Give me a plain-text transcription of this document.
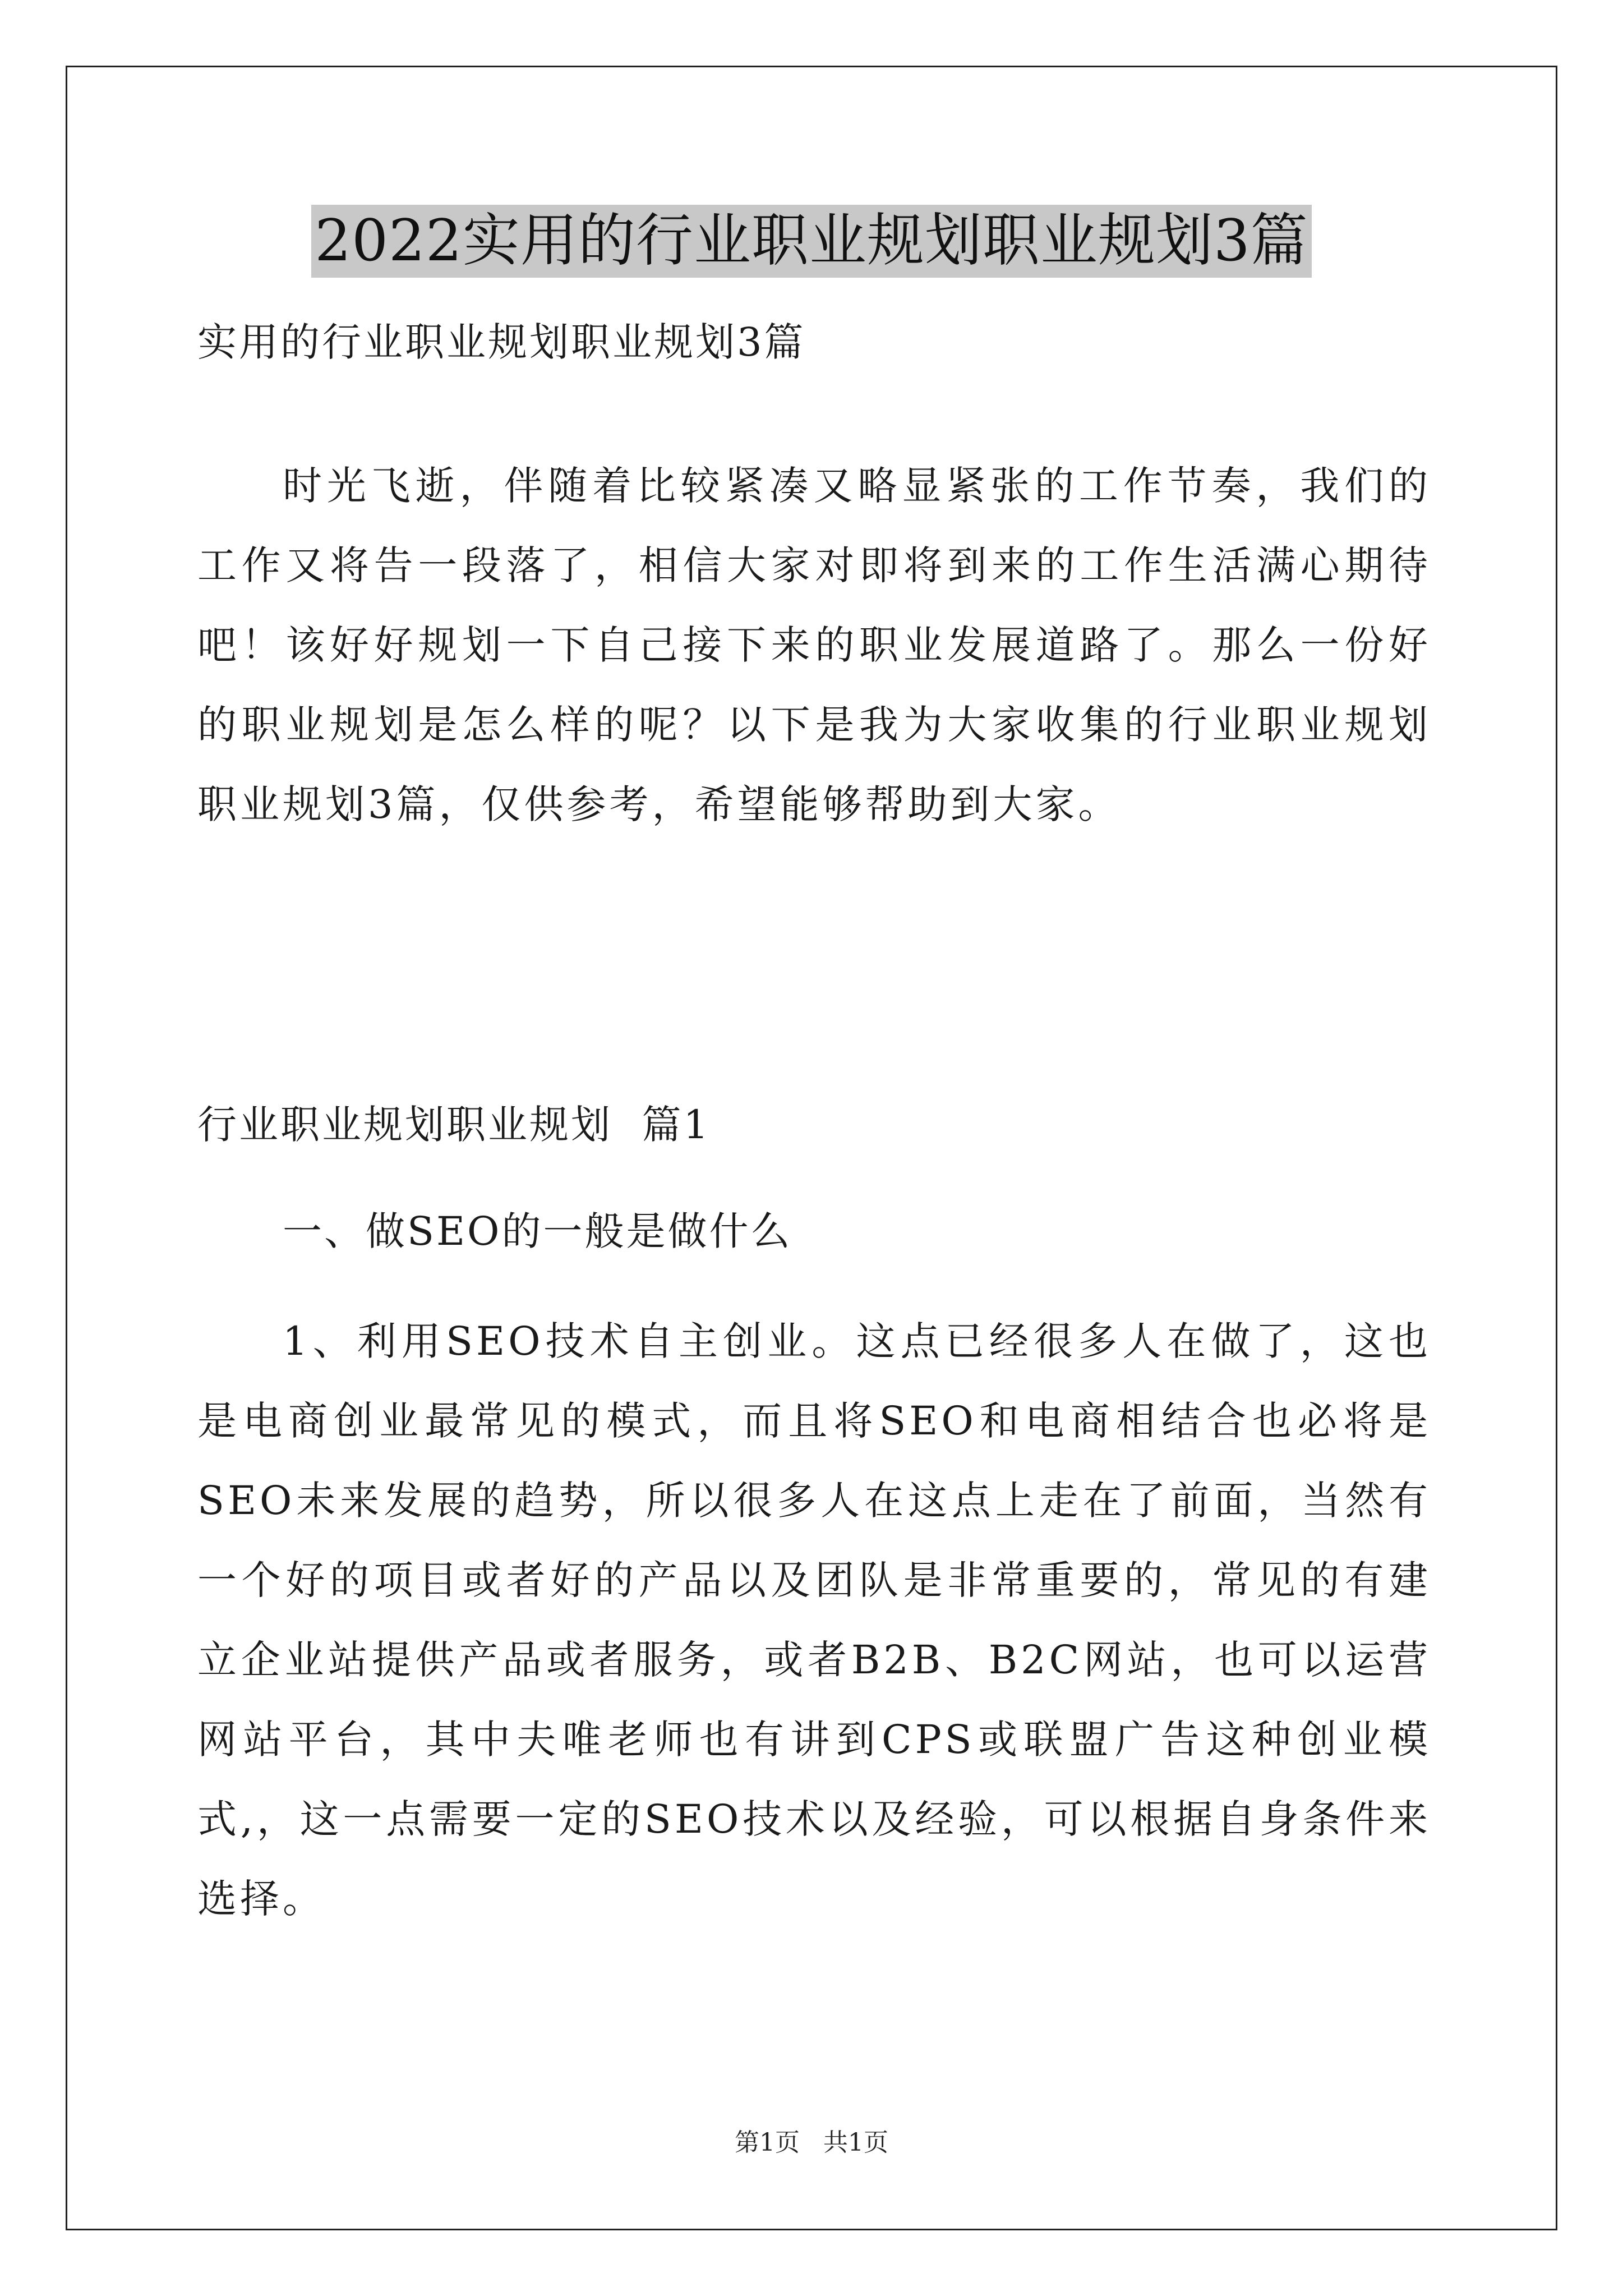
2022实用的行业职业规划职业规划3篇
实用的行业职业规划职业规划3篇

时光飞逝，伴随着比较紧凑又略显紧张的工作节奏，我们的工作又将告一段落了，相信大家对即将到来的工作生活满心期待吧！该好好规划一下自己接下来的职业发展道路了。那么一份好的职业规划是怎么样的呢？以下是我为大家收集的行业职业规划职业规划3篇，仅供参考，希望能够帮助到大家。

行业职业规划职业规划  篇1
一、做SEO的一般是做什么

1、利用SEO技术自主创业。这点已经很多人在做了，这也是电商创业最常见的模式，而且将SEO和电商相结合也必将是SEO未来发展的趋势，所以很多人在这点上走在了前面，当然有一个好的项目或者好的产品以及团队是非常重要的，常见的有建立企业站提供产品或者服务，或者B2B、B2C网站，也可以运营网站平台，其中夫唯老师也有讲到CPS或联盟广告这种创业模式,，这一点需要一定的SEO技术以及经验，可以根据自身条件来选择。

第1页 共1页
